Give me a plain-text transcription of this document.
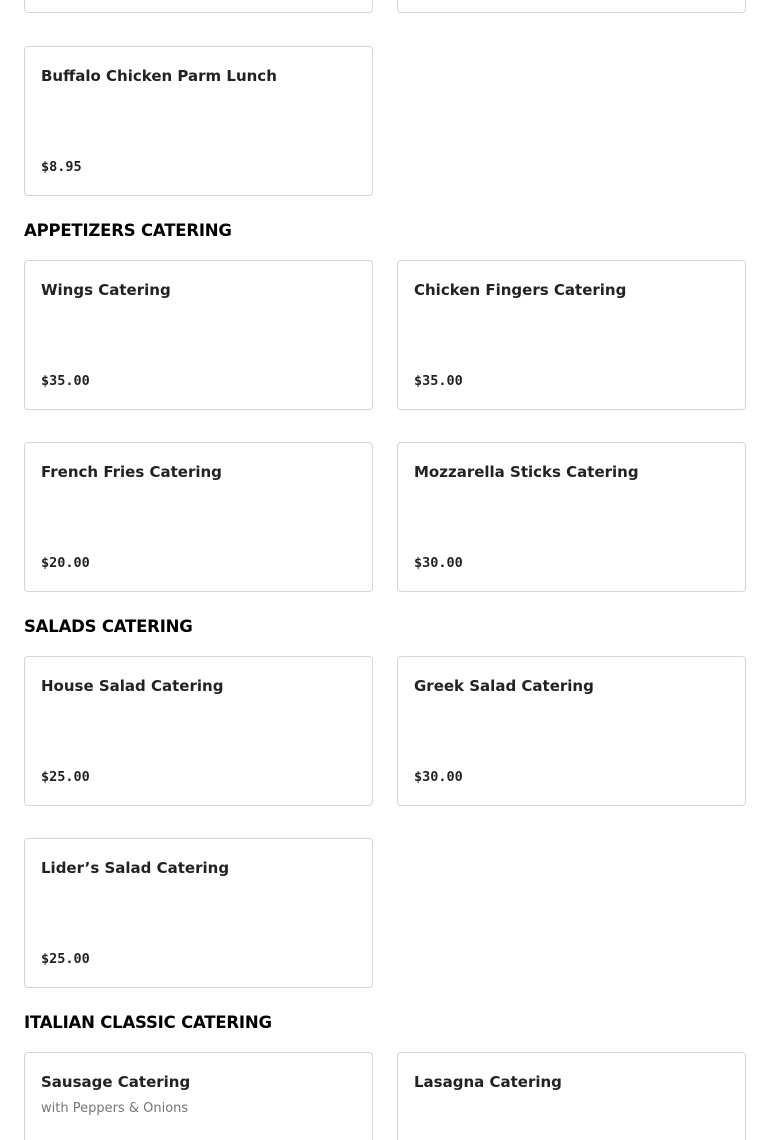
Buffalo Chicken Parm Lunch
$8.95
APPETIZERS CATERING
Wings Catering
$35.00
Chicken Fingers Catering
$35.00
French Fries Catering
$20.00
Mozzarella Sticks Catering
$30.00
SALADS CATERING
House Salad Catering
$25.00
Greek Salad Catering
$30.00
Lider’s Salad Catering
$25.00
ITALIAN CLASSIC CATERING
Sausage Catering
with Peppers & Onions
Lasagna Catering
